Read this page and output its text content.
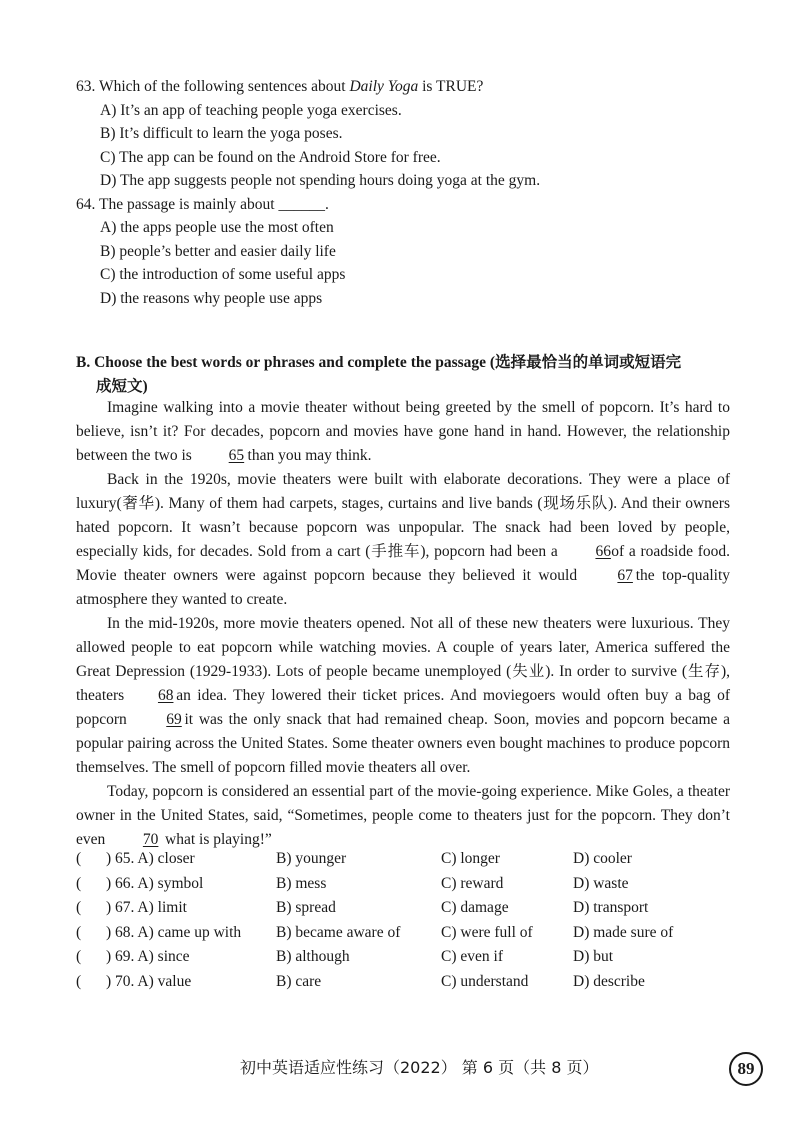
63. Which of the following sentences about Daily Yoga is TRUE?
A) It’s an app of teaching people yoga exercises.
B) It’s difficult to learn the yoga poses.
C) The app can be found on the Android Store for free.
D) The app suggests people not spending hours doing yoga at the gym.
64. The passage is mainly about ______.
A) the apps people use the most often
B) people’s better and easier daily life
C) the introduction of some useful apps
D) the reasons why people use apps
B. Choose the best words or phrases and complete the passage (选择最恰当的单词或短语完
成短文)

Imagine walking into a movie theater without being greeted by the smell of popcorn. It’s hard to believe, isn’t it? For decades, popcorn and movies have gone hand in hand. However, the relationship between the two is 65 than you may think.

Back in the 1920s, movie theaters were built with elaborate decorations. They were a place of luxury(奢华). Many of them had carpets, stages, curtains and live bands (现场乐队). And their owners hated popcorn. It wasn’t because popcorn was unpopular. The snack had been loved by people, especially kids, for decades. Sold from a cart (手推车), popcorn had been a 66 of a roadside food. Movie theater owners were against popcorn because they believed it would 67 the top-quality atmosphere they wanted to create.

In the mid-1920s, more movie theaters opened. Not all of these new theaters were luxurious. They allowed people to eat popcorn while watching movies. A couple of years later, America suffered the Great Depression (1929-1933). Lots of people became unemployed (失业). In order to survive (生存), theaters 68 an idea. They lowered their ticket prices. And moviegoers would often buy a bag of popcorn 69 it was the only snack that had remained cheap. Soon, movies and popcorn became a popular pairing across the United States. Some theater owners even bought machines to produce popcorn themselves. The smell of popcorn filled movie theaters all over.

Today, popcorn is considered an essential part of the movie-going experience. Mike Goles, a theater owner in the United States, said, “Sometimes, people come to theaters just for the popcorn. They don’t even 70 what is playing!”

( ) 65. A) closer	B) younger	C) longer	D) cooler
( ) 66. A) symbol	B) mess	C) reward	D) waste
( ) 67. A) limit	B) spread	C) damage	D) transport
( ) 68. A) came up with B) became aware of	C) were full of	D) made sure of
( ) 69. A) since	B) although	C) even if	D) but
( ) 70. A) value	B) care	C) understand	D) describe
初中英语适应性练习（2022） 第 6 页（共 8 页）	89
